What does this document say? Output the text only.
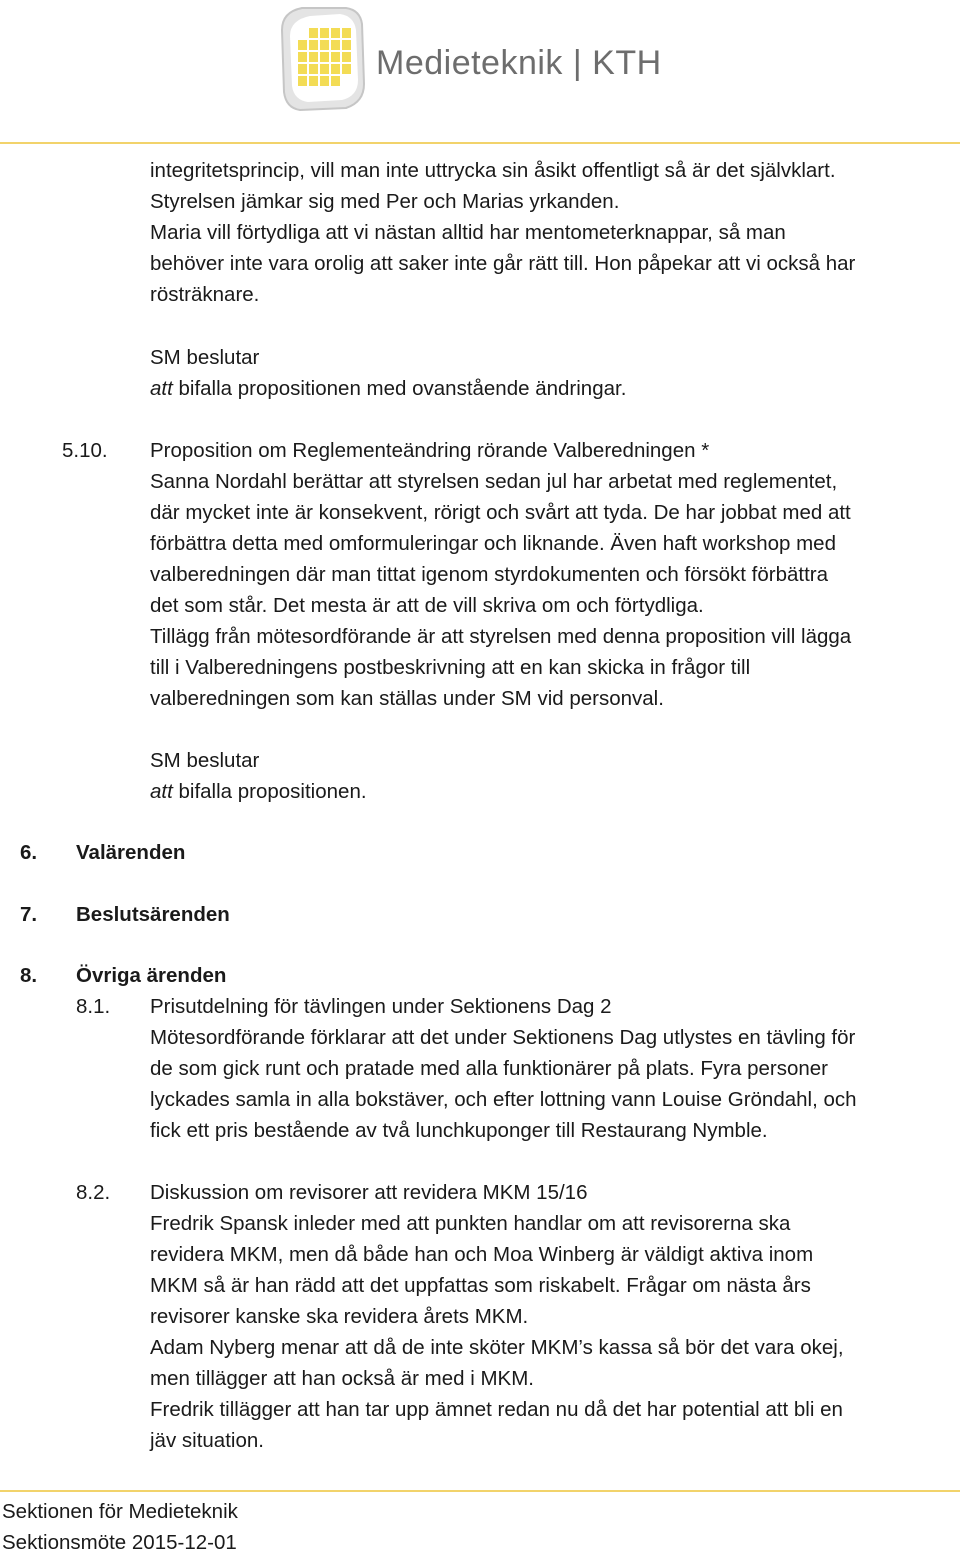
Medieteknik | KTH
integritetsprincip, vill man inte uttrycka sin åsikt offentligt så är det självklart.
Styrelsen jämkar sig med Per och Marias yrkanden.
Maria vill förtydliga att vi nästan alltid har mentometerknappar, så man
behöver inte vara orolig att saker inte går rätt till. Hon påpekar att vi också har
rösträknare.
SM beslutar
att bifalla propositionen med ovanstående ändringar.
5.10. Proposition om Reglementeändring rörande Valberedningen *
Sanna Nordahl berättar att styrelsen sedan jul har arbetat med reglementet,
där mycket inte är konsekvent, rörigt och svårt att tyda. De har jobbat med att
förbättra detta med omformuleringar och liknande. Även haft workshop med
valberedningen där man tittat igenom styrdokumenten och försökt förbättra
det som står. Det mesta är att de vill skriva om och förtydliga.
Tillägg från mötesordförande är att styrelsen med denna proposition vill lägga
till i Valberedningens postbeskrivning att en kan skicka in frågor till
valberedningen som kan ställas under SM vid personval.
SM beslutar
att bifalla propositionen.
6. Valärenden
7. Beslutsärenden
8. Övriga ärenden
8.1. Prisutdelning för tävlingen under Sektionens Dag 2
Mötesordförande förklarar att det under Sektionens Dag utlystes en tävling för
de som gick runt och pratade med alla funktionärer på plats. Fyra personer
lyckades samla in alla bokstäver, och efter lottning vann Louise Gröndahl, och
fick ett pris bestående av två lunchkuponger till Restaurang Nymble.
8.2. Diskussion om revisorer att revidera MKM 15/16
Fredrik Spansk inleder med att punkten handlar om att revisorerna ska
revidera MKM, men då både han och Moa Winberg är väldigt aktiva inom
MKM så är han rädd att det uppfattas som riskabelt. Frågar om nästa års
revisorer kanske ska revidera årets MKM.
Adam Nyberg menar att då de inte sköter MKM’s kassa så bör det vara okej,
men tillägger att han också är med i MKM.
Fredrik tillägger att han tar upp ämnet redan nu då det har potential att bli en
jäv situation.
Sektionen för Medieteknik
Sektionsmöte 2015-12-01
